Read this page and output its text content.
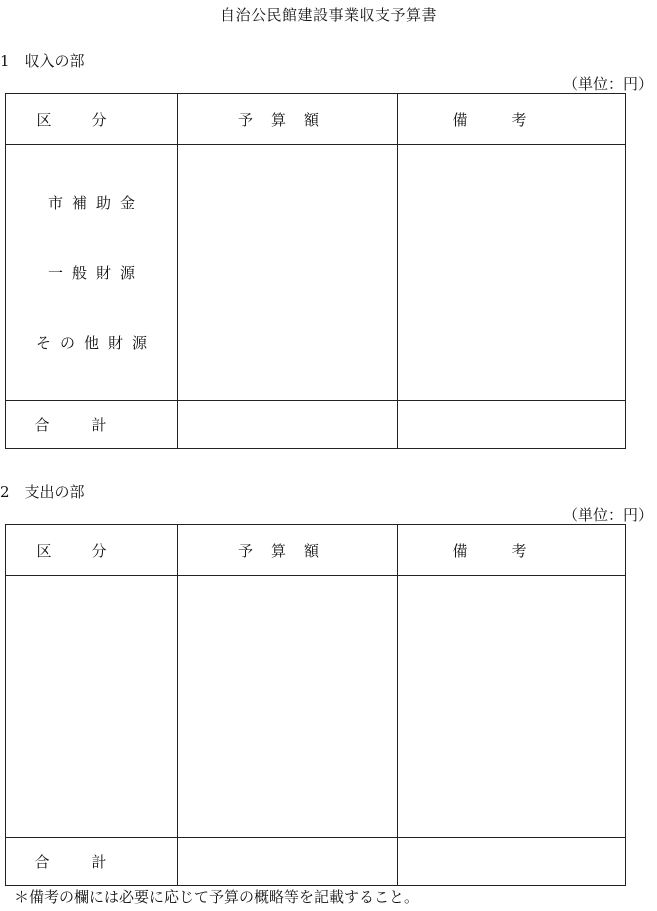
自治公民館建設事業収支予算書
1　収入の部
（単位：円）
区分	予算額	備考

市補助金
一般財源
その他財源		

合計		
2　支出の部
（単位：円）
区分	予算額	備考

合計		
＊備考の欄には必要に応じて予算の概略等を記載すること。
